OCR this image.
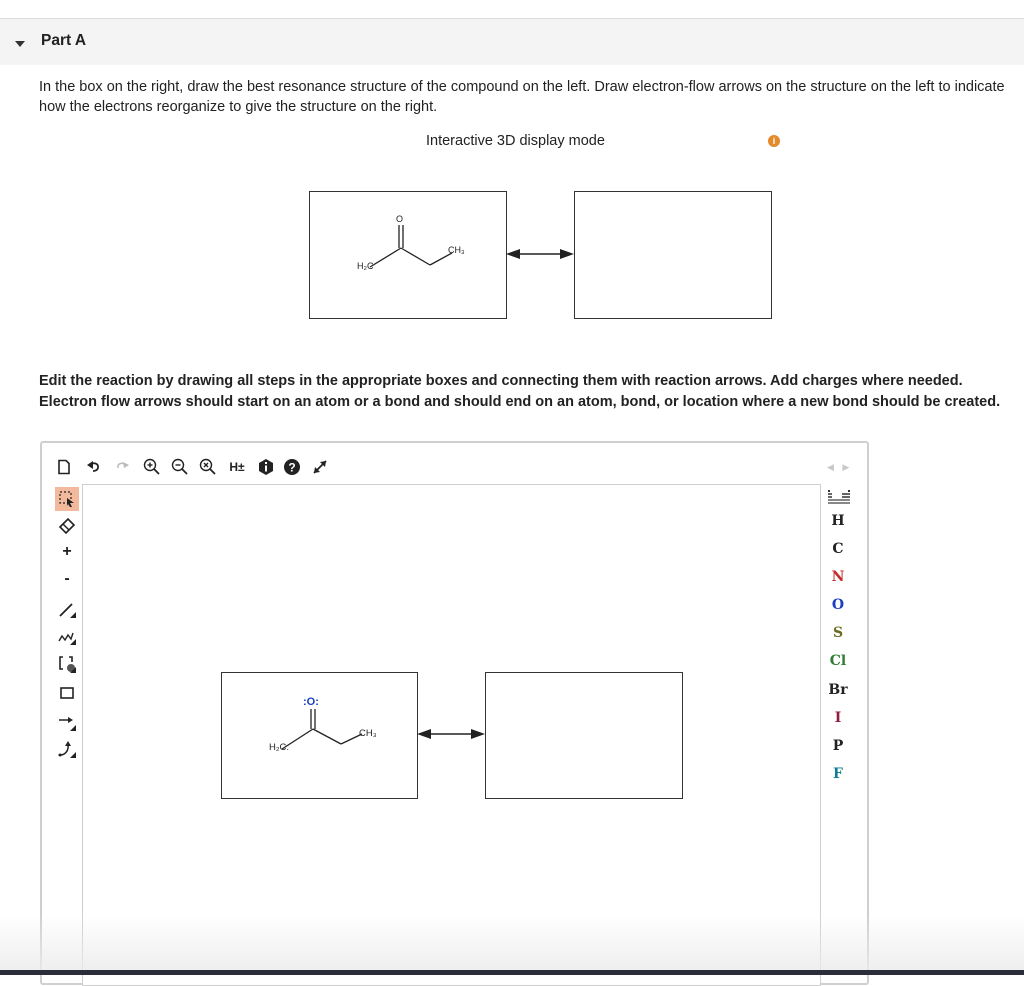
Part A
In the box on the right, draw the best resonance structure of the compound on the left. Draw electron-flow arrows on the structure on the left to indicate how the electrons reorganize to give the structure on the right.
Interactive 3D display mode	i
O
H₂C
CH₃
Edit the reaction by drawing all steps in the appropriate boxes and connecting them with reaction arrows. Add charges where needed. Electron flow arrows should start on an atom or a bond and should end on an atom, bond, or location where a new bond should be created.
H±	?	◀ ▶
+
-
H
C
N
O
S
Cl
Br
I
P
F
:O:
H₂C:
CH₃
